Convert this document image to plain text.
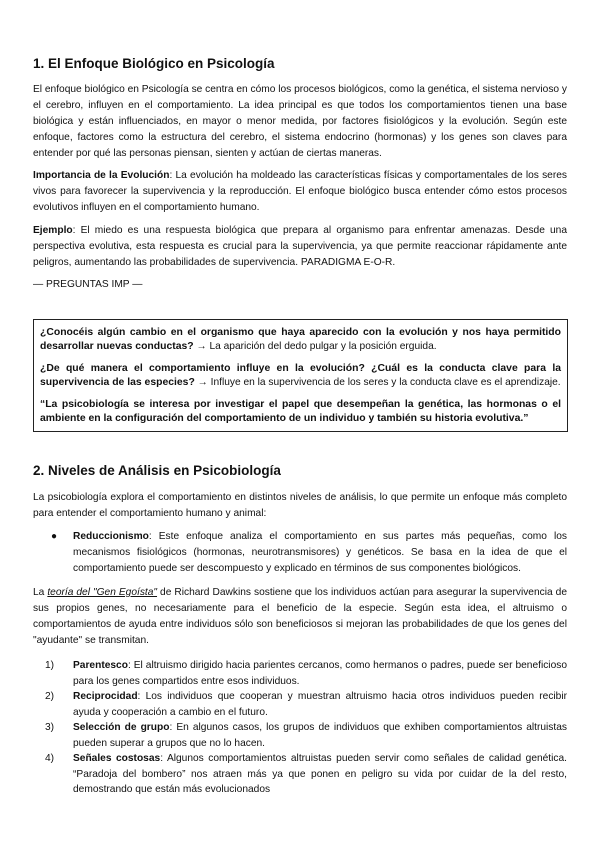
1. El Enfoque Biológico en Psicología

El enfoque biológico en Psicología se centra en cómo los procesos biológicos, como la genética, el sistema nervioso y el cerebro, influyen en el comportamiento. La idea principal es que todos los comportamientos tienen una base biológica y están influenciados, en mayor o menor medida, por factores fisiológicos y la evolución. Según este enfoque, factores como la estructura del cerebro, el sistema endocrino (hormonas) y los genes son claves para entender por qué las personas piensan, sienten y actúan de ciertas maneras.

Importancia de la Evolución: La evolución ha moldeado las características físicas y comportamentales de los seres vivos para favorecer la supervivencia y la reproducción. El enfoque biológico busca entender cómo estos procesos evolutivos influyen en el comportamiento humano.

Ejemplo: El miedo es una respuesta biológica que prepara al organismo para enfrentar amenazas. Desde una perspectiva evolutiva, esta respuesta es crucial para la supervivencia, ya que permite reaccionar rápidamente ante peligros, aumentando las probabilidades de supervivencia. PARADIGMA E-O-R.

— PREGUNTAS IMP —

¿Conocéis algún cambio en el organismo que haya aparecido con la evolución y nos haya permitido desarrollar nuevas conductas? → La aparición del dedo pulgar y la posición erguida.

¿De qué manera el comportamiento influye en la evolución? ¿Cuál es la conducta clave para la supervivencia de las especies? → Influye en la supervivencia de los seres y la conducta clave es el aprendizaje.

“La psicobiología se interesa por investigar el papel que desempeñan la genética, las hormonas o el ambiente en la configuración del comportamiento de un individuo y también su historia evolutiva.”

2. Niveles de Análisis en Psicobiología

La psicobiología explora el comportamiento en distintos niveles de análisis, lo que permite un enfoque más completo para entender el comportamiento humano y animal:

● Reduccionismo: Este enfoque analiza el comportamiento en sus partes más pequeñas, como los mecanismos fisiológicos (hormonas, neurotransmisores) y genéticos. Se basa en la idea de que el comportamiento puede ser descompuesto y explicado en términos de sus componentes biológicos.

La teoría del "Gen Egoísta" de Richard Dawkins sostiene que los individuos actúan para asegurar la supervivencia de sus propios genes, no necesariamente para el beneficio de la especie. Según esta idea, el altruismo o comportamientos de ayuda entre individuos sólo son beneficiosos si mejoran las probabilidades de que los genes del "ayudante" se transmitan.

1) Parentesco: El altruismo dirigido hacia parientes cercanos, como hermanos o padres, puede ser beneficioso para los genes compartidos entre esos individuos.

2) Reciprocidad: Los individuos que cooperan y muestran altruismo hacia otros individuos pueden recibir ayuda y cooperación a cambio en el futuro.

3) Selección de grupo: En algunos casos, los grupos de individuos que exhiben comportamientos altruistas pueden superar a grupos que no lo hacen.

4) Señales costosas: Algunos comportamientos altruistas pueden servir como señales de calidad genética. “Paradoja del bombero” nos atraen más ya que ponen en peligro su vida por cuidar de la del resto, demostrando que están más evolucionados
